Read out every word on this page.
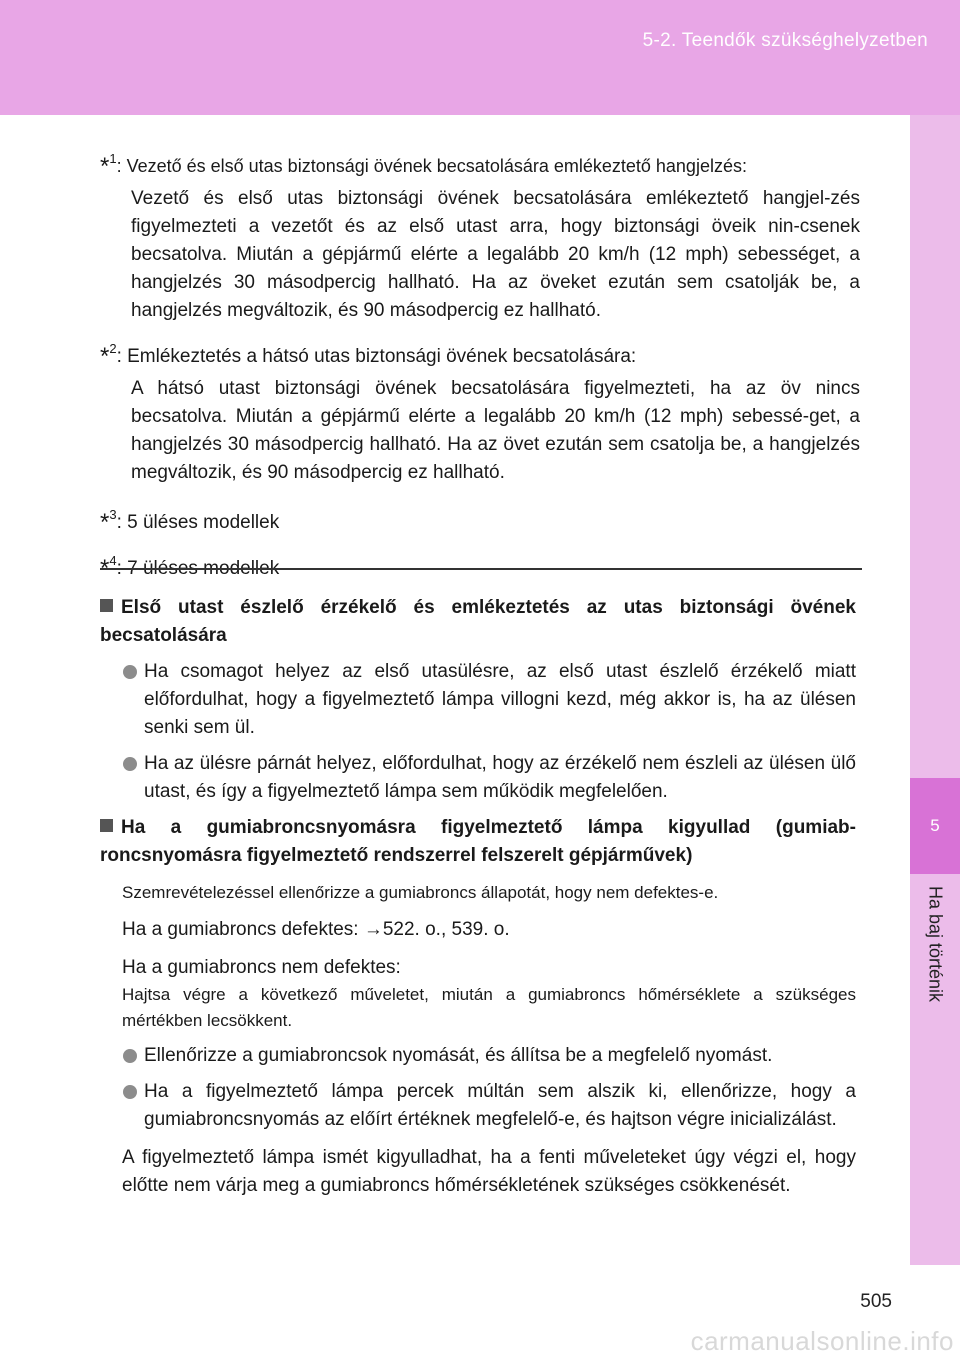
5-2. Teendők szükséghelyzetben
5
Ha baj történik
*$^1$: Vezető és első utas biztonsági övének becsatolására emlékeztető hangjelzés:
Vezető és első utas biztonsági övének becsatolására emlékeztető hangjel-zés figyelmezteti a vezetőt és az első utast arra, hogy biztonsági öveik nin-csenek becsatolva. Miután a gépjármű elérte a legalább 20 km/h (12 mph) sebességet, a hangjelzés 30 másodpercig hallható. Ha az öveket ezután sem csatolják be, a hangjelzés megváltozik, és 90 másodpercig ez hallható.
*$^2$: Emlékeztetés a hátsó utas biztonsági övének becsatolására:
A hátsó utast biztonsági övének becsatolására figyelmezteti, ha az öv nincs becsatolva. Miután a gépjármű elérte a legalább 20 km/h (12 mph) sebessé-get, a hangjelzés 30 másodpercig hallható. Ha az övet ezután sem csatolja be, a hangjelzés megváltozik, és 90 másodpercig ez hallható.
*$^3$: 5 üléses modellek
*$^4$: 7 üléses modellek
Első utast észlelő érzékelő és emlékeztetés az utas biztonsági övének becsatolására
Ha csomagot helyez az első utasülésre, az első utast észlelő érzékelő miatt előfordulhat, hogy a figyelmeztető lámpa villogni kezd, még akkor is, ha az ülésen senki sem ül.
Ha az ülésre párnát helyez, előfordulhat, hogy az érzékelő nem észleli az ülésen ülő utast, és így a figyelmeztető lámpa sem működik megfelelően.
Ha a gumiabroncsnyomásra figyelmeztető lámpa kigyullad (gumiab-roncsnyomásra figyelmeztető rendszerrel felszerelt gépjárművek)
Szemrevételezéssel ellenőrizze a gumiabroncs állapotát, hogy nem defektes-e.
Ha a gumiabroncs defektes: →522. o., 539. o.
Ha a gumiabroncs nem defektes:
Hajtsa végre a következő műveletet, miután a gumiabroncs hőmérséklete a szükséges mértékben lecsökkent.
Ellenőrizze a gumiabroncsok nyomását, és állítsa be a megfelelő nyomást.
Ha a figyelmeztető lámpa percek múltán sem alszik ki, ellenőrizze, hogy a gumiabroncsnyomás az előírt értéknek megfelelő-e, és hajtson végre inicializálást.
A figyelmeztető lámpa ismét kigyulladhat, ha a fenti műveleteket úgy végzi el, hogy előtte nem várja meg a gumiabroncs hőmérsékletének szükséges csökkenését.
505
carmanualsonline.info
